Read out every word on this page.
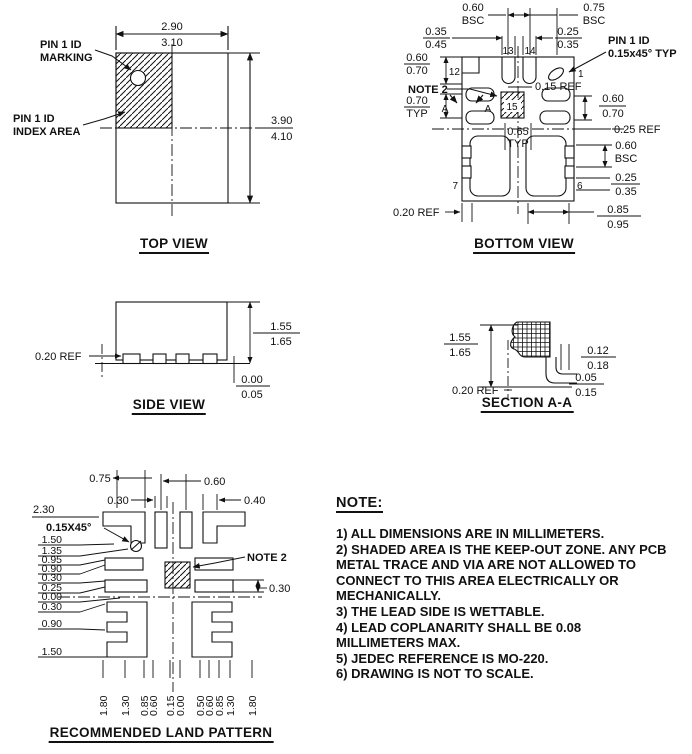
2.90
3.10
3.90
4.10
PIN 1 ID
MARKING
PIN 1 ID
INDEX AREA
0.60
BSC
0.75
BSC
0.35
0.45
0.25
0.35	PIN 1 ID
0.15x45° TYP
0.60
0.70
NOTE 2
0.70
TYP
0.15 REF
12
13 14
1
15
A	A
0.60
0.70
0.25 REF
0.65
TYP	0.60
BSC
0.25
0.35
7	6
0.85
0.95
0.20 REF
0.20 REF
1.55
1.65
0.00
0.05
1.55
1.65	0.12
0.18
0.05
0.15
0.20 REF
0.75
0.30
0.60
0.40
2.30
0.15X45°
1.50
1.35
0.95
0.90
0.30
0.25
0.00
0.30
0.90
1.50
NOTE 2
0.30
1.80 1.30 0.85
0.60 0.15
0.00 0.50
0.60
0.85 1.30 1.80
TOP VIEW	BOTTOM VIEW
SIDE VIEW	SECTION A-A
RECOMMENDED LAND PATTERN
NOTE:
1) ALL DIMENSIONS ARE IN MILLIMETERS.
2) SHADED AREA IS THE KEEP-OUT ZONE. ANY PCB METAL TRACE AND VIA ARE NOT ALLOWED TO CONNECT TO THIS AREA ELECTRICALLY OR MECHANICALLY.
3) THE LEAD SIDE IS WETTABLE.
4) LEAD COPLANARITY SHALL BE 0.08 MILLIMETERS MAX.
5) JEDEC REFERENCE IS MO-220.
6) DRAWING IS NOT TO SCALE.
